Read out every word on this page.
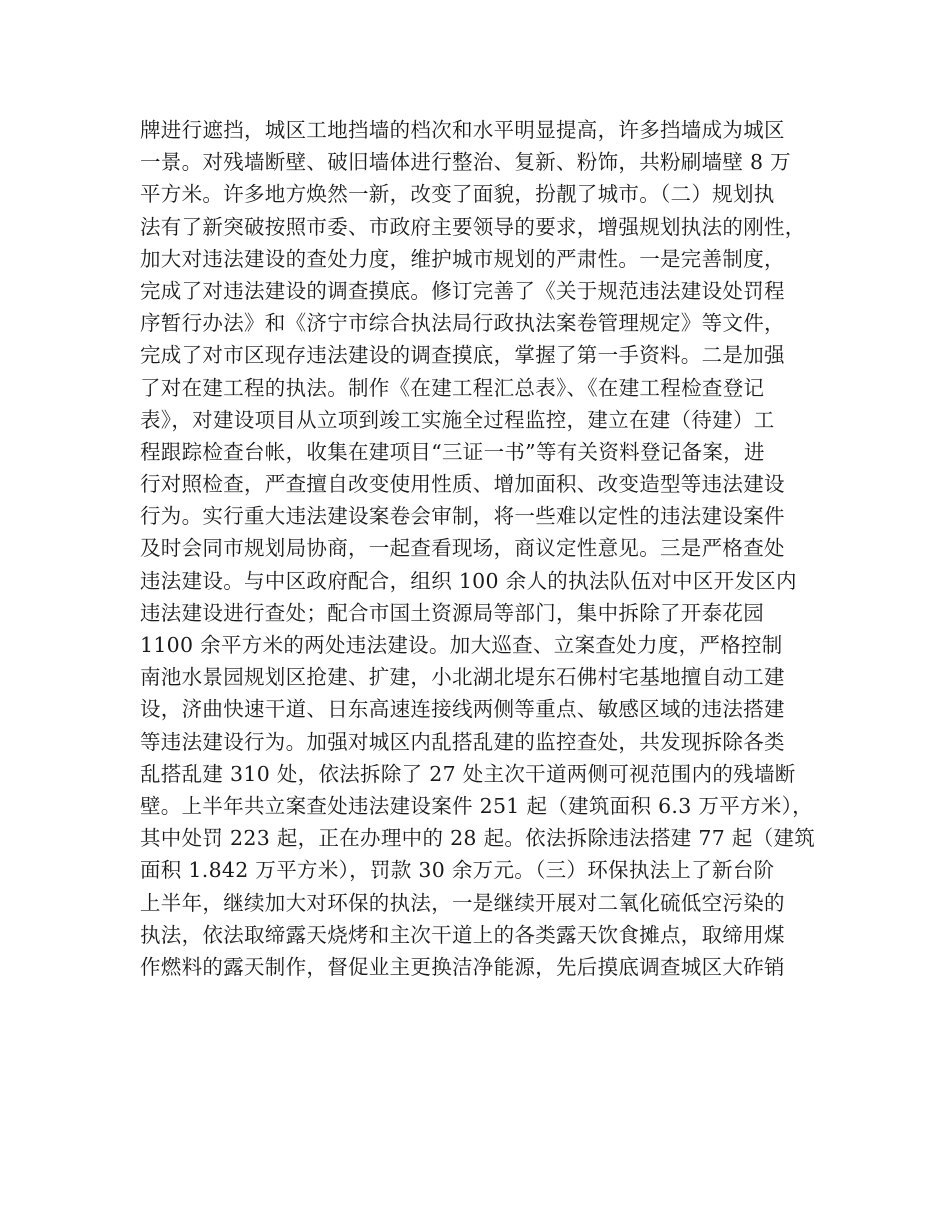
牌进行遮挡，城区工地挡墙的档次和水平明显提高，许多挡墙成为城区
一景。对残墙断壁、破旧墙体进行整治、复新、粉饰，共粉刷墙壁 8 万
平方米。许多地方焕然一新，改变了面貌，扮靓了城市。（二）规划执
法有了新突破按照市委、市政府主要领导的要求，增强规划执法的刚性，
加大对违法建设的查处力度，维护城市规划的严肃性。一是完善制度，
完成了对违法建设的调查摸底。修订完善了《关于规范违法建设处罚程
序暂行办法》和《济宁市综合执法局行政执法案卷管理规定》等文件，
完成了对市区现存违法建设的调查摸底，掌握了第一手资料。二是加强
了对在建工程的执法。制作《在建工程汇总表》、《在建工程检查登记
表》，对建设项目从立项到竣工实施全过程监控，建立在建（待建）工
程跟踪检查台帐，收集在建项目“三证一书”等有关资料登记备案，进
行对照检查，严查擅自改变使用性质、增加面积、改变造型等违法建设
行为。实行重大违法建设案卷会审制，将一些难以定性的违法建设案件
及时会同市规划局协商，一起查看现场，商议定性意见。三是严格查处
违法建设。与中区政府配合，组织 100 余人的执法队伍对中区开发区内
违法建设进行查处；配合市国土资源局等部门，集中拆除了开泰花园
1100 余平方米的两处违法建设。加大巡查、立案查处力度，严格控制
南池水景园规划区抢建、扩建，小北湖北堤东石佛村宅基地擅自动工建
设，济曲快速干道、日东高速连接线两侧等重点、敏感区域的违法搭建
等违法建设行为。加强对城区内乱搭乱建的监控查处，共发现拆除各类
乱搭乱建 310 处，依法拆除了 27 处主次干道两侧可视范围内的残墙断
壁。上半年共立案查处违法建设案件 251 起（建筑面积 6.3 万平方米），
其中处罚 223 起，正在办理中的 28 起。依法拆除违法搭建 77 起（建筑
面积 1.842 万平方米），罚款 30 余万元。（三）环保执法上了新台阶
上半年，继续加大对环保的执法，一是继续开展对二氧化硫低空污染的
执法，依法取缔露天烧烤和主次干道上的各类露天饮食摊点，取缔用煤
作燃料的露天制作，督促业主更换洁净能源，先后摸底调查城区大砟销
